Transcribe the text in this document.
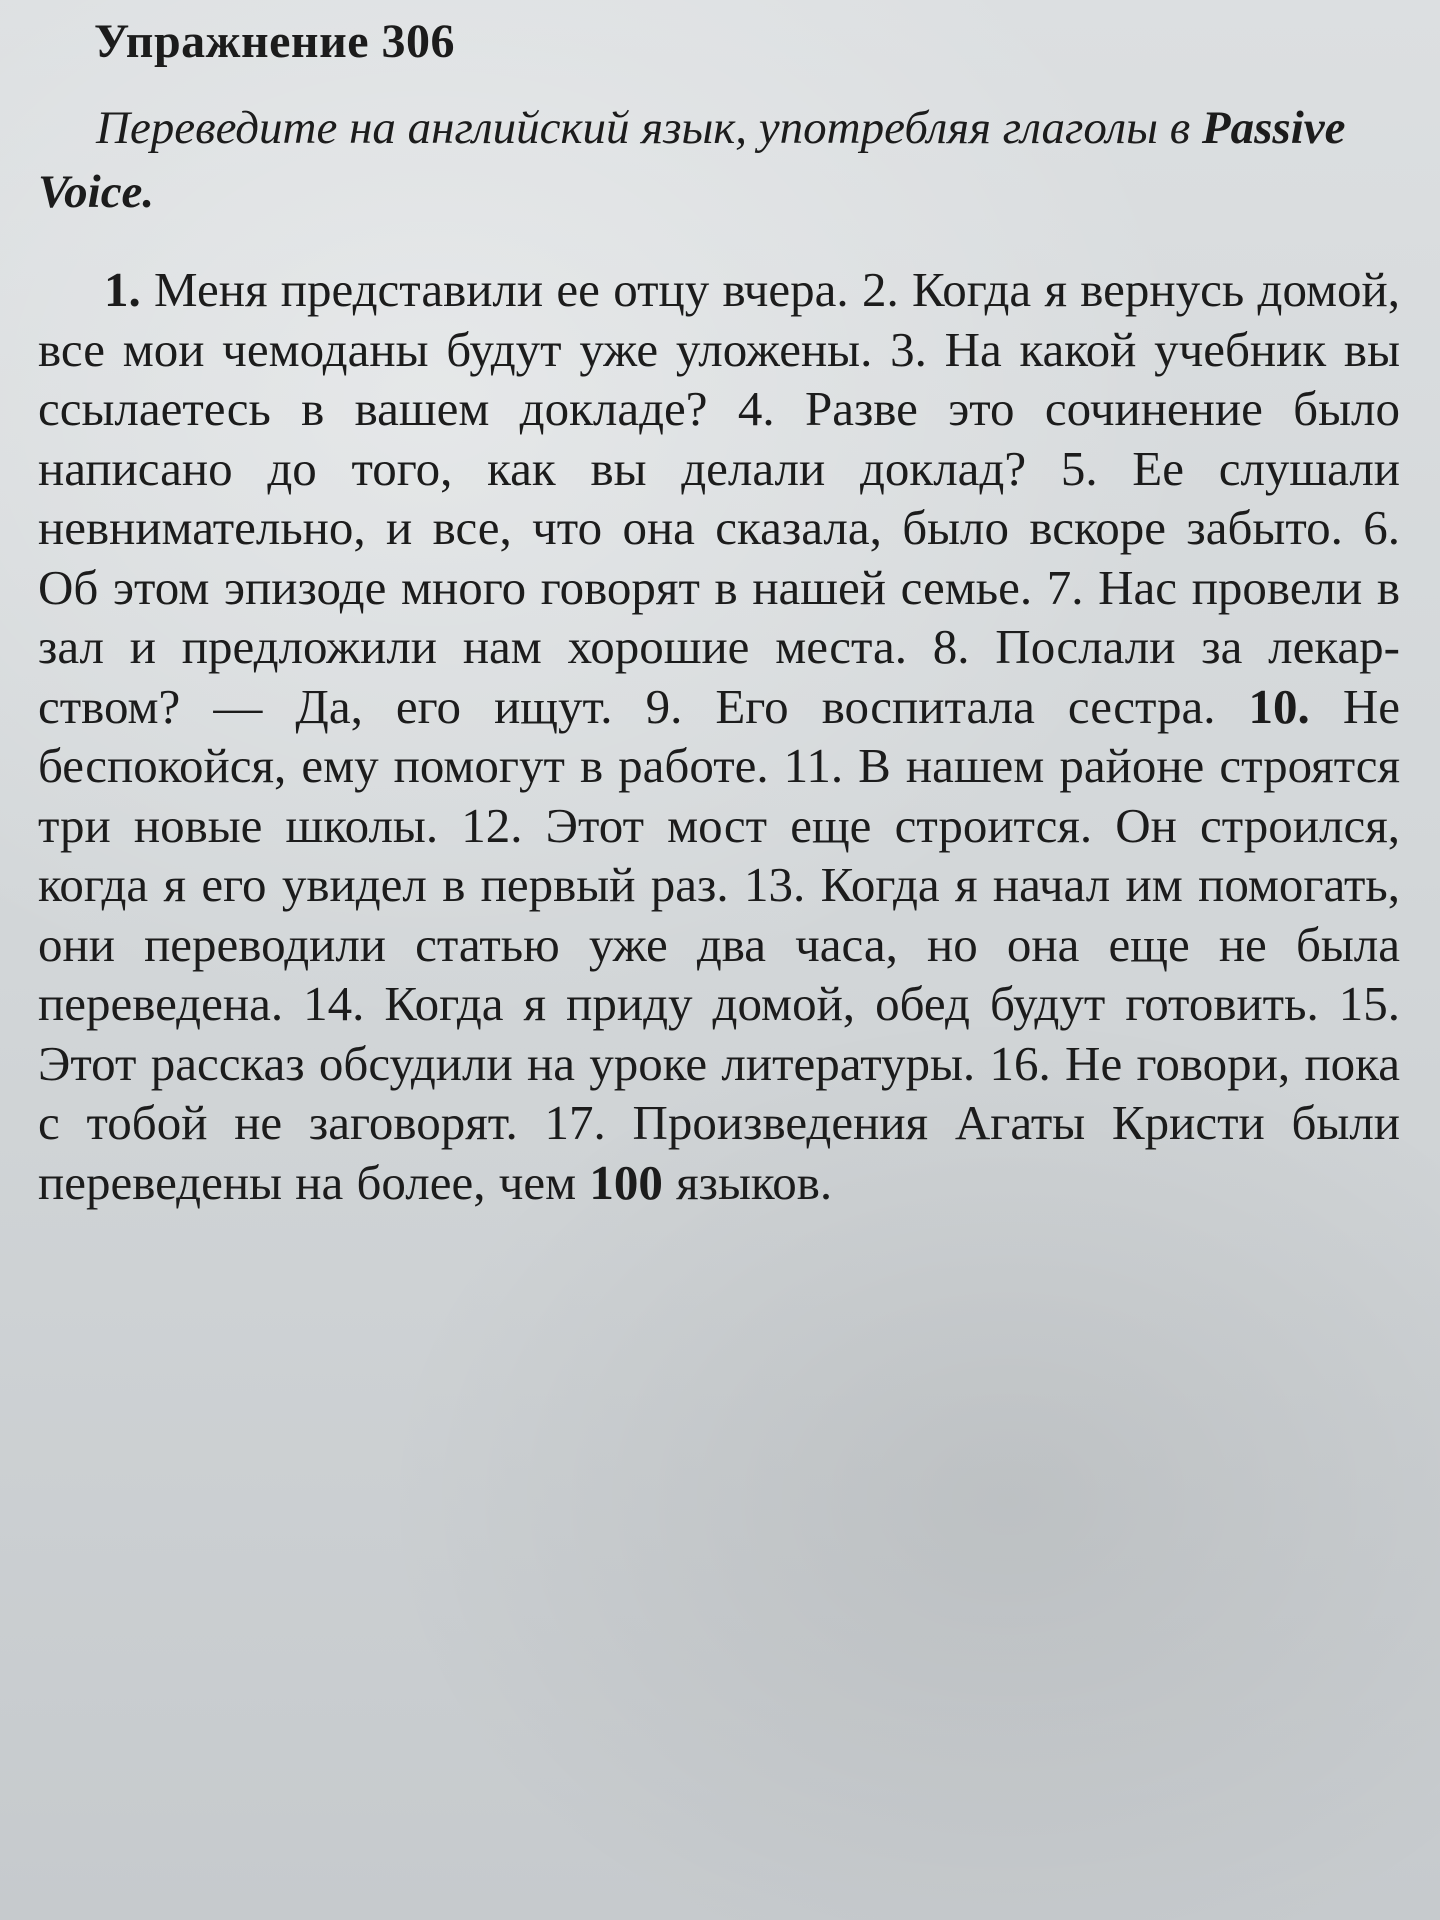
Упражнение 306

Переведите на английский язык, употребляя глаголы в Passive Voice.

1. Меня представили ее отцу вчера. 2. Когда я вернусь домой, все мои чемоданы будут уже уложены. 3. На какой учебник вы ссылаетесь в вашем докладе? 4. Разве это сочинение было написано до того, как вы делали доклад? 5. Ее слушали невнимательно, и все, что она сказала, было вскоре забыто. 6. Об этом эпизоде много говорят в нашей семье. 7. Нас провели в зал и предложили нам хорошие места. 8. Послали за лекар-ством? — Да, его ищут. 9. Его воспитала сестра. 10. Не беспокойся, ему помогут в работе. 11. В нашем районе строятся три новые школы. 12. Этот мост еще строится. Он строился, когда я его увидел в первый раз. 13. Когда я начал им помогать, они переводили статью уже два часа, но она еще не была переведена. 14. Когда я приду домой, обед будут готовить. 15. Этот рассказ обсудили на уроке литературы. 16. Не говори, пока с тобой не заговорят. 17. Произведения Агаты Кристи были переведены на более, чем 100 языков.
